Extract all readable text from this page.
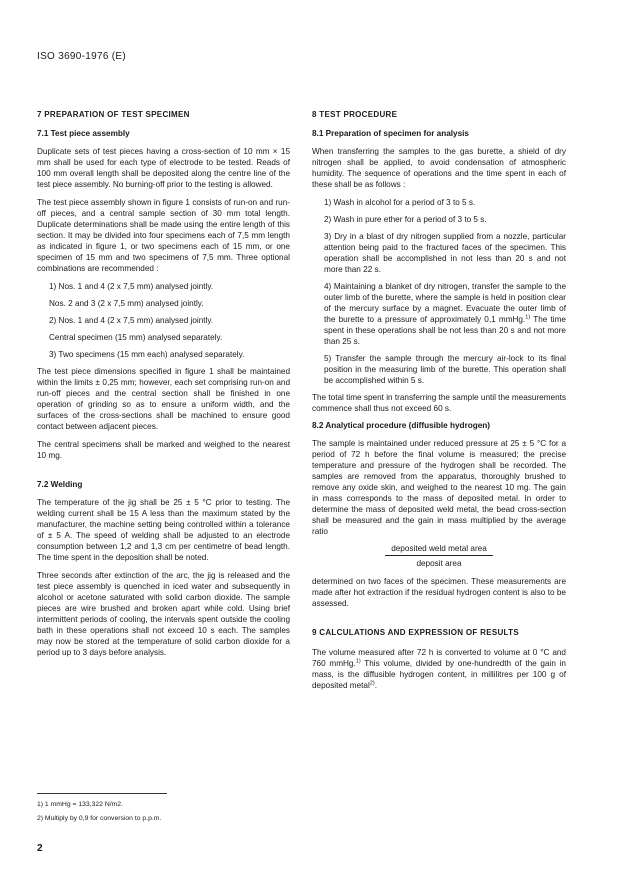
ISO 3690-1976 (E)
7 PREPARATION OF TEST SPECIMEN
7.1 Test piece assembly

Duplicate sets of test pieces having a cross-section of 10 mm × 15 mm shall be used for each type of electrode to be tested. Reads of 100 mm overall length shall be deposited along the centre line of the test piece assembly. No burning-off prior to the testing is allowed.

The test piece assembly shown in figure 1 consists of run-on and run-off pieces, and a central sample section of 30 mm total length. Duplicate determinations shall be made using the entire length of this section. It may be divided into four specimens each of 7,5 mm length as indicated in figure 1, or two specimens each of 15 mm, or one specimen of 15 mm and two specimens of 7,5 mm. Three optional combinations are recommended :

1) Nos. 1 and 4 (2 x 7,5 mm) analysed jointly.
Nos. 2 and 3 (2 x 7,5 mm) analysed jointly.
2) Nos. 1 and 4 (2 x 7,5 mm) analysed jointly.
Central specimen (15 mm) analysed separately.
3) Two specimens (15 mm each) analysed separately.

The test piece dimensions specified in figure 1 shall be maintained within the limits ± 0,25 mm; however, each set comprising run-on and run-off pieces and the central section shall be finished in one operation of grinding so as to ensure a uniform width, and the surfaces of the cross-sections shall be machined to ensure good contact between adjacent pieces.

The central specimens shall be marked and weighed to the nearest 10 mg.

7.2 Welding

The temperature of the jig shall be 25 ± 5 °C prior to testing. The welding current shall be 15 A less than the maximum stated by the manufacturer, the machine setting being controlled within a tolerance of ± 5 A. The speed of welding shall be adjusted to an electrode consumption between 1,2 and 1,3 cm per centimetre of bead length. The time spent in the deposition shall be noted.

Three seconds after extinction of the arc, the jig is released and the test piece assembly is quenched in iced water and subsequently in alcohol or acetone saturated with solid carbon dioxide. The sample pieces are wire brushed and broken apart while cold. Using brief intermittent periods of cooling, the intervals spent outside the cooling bath in these operations shall not exceed 10 s each. The samples may now be stored at the temperature of solid carbon dioxide for a period up to 3 days before analysis.

8 TEST PROCEDURE
8.1 Preparation of specimen for analysis

When transferring the samples to the gas burette, a shield of dry nitrogen shall be applied, to avoid condensation of atmospheric humidity. The sequence of operations and the time spent in each of these shall be as follows :

1) Wash in alcohol for a period of 3 to 5 s.
2) Wash in pure ether for a period of 3 to 5 s.
3) Dry in a blast of dry nitrogen supplied from a nozzle, particular attention being paid to the fractured faces of the specimen. This operation shall be accomplished in not less than 20 s and not more than 22 s.
4) Maintaining a blanket of dry nitrogen, transfer the sample to the outer limb of the burette, where the sample is held in position clear of the mercury surface by a magnet. Evacuate the outer limb of the burette to a pressure of approximately 0,1 mmHg.$^{1)}$ The time spent in these operations shall be not less than 20 s and not more than 25 s.
5) Transfer the sample through the mercury air-lock to its final position in the measuring limb of the burette. This operation shall be accomplished within 5 s.

The total time spent in transferring the sample until the measurements commence shall thus not exceed 60 s.

8.2 Analytical procedure (diffusible hydrogen)

The sample is maintained under reduced pressure at 25 ± 5 °C for a period of 72 h before the final volume is measured; the precise temperature and pressure of the hydrogen shall be recorded. The samples are removed from the apparatus, thoroughly brushed to remove any oxide skin, and weighed to the nearest 10 mg. The gain in mass corresponds to the mass of deposited metal. In order to determine the mass of deposited weld metal, the bead cross-section shall be measured and the gain in mass multiplied by the average ratio

deposited weld metal area
deposit area

determined on two faces of the specimen. These measurements are made after hot extraction if the residual hydrogen content is also to be assessed.

9 CALCULATIONS AND EXPRESSION OF RESULTS

The volume measured after 72 h is converted to volume at 0 °C and 760 mmHg.$^{1)}$ This volume, divided by one-hundredth of the gain in mass, is the diffusible hydrogen content, in millilitres per 100 g of deposited metal$^{2)}$.

1) 1 mmHg = 133,322 N/m2.
2) Multiply by 0,9 for conversion to p.p.m.
2
